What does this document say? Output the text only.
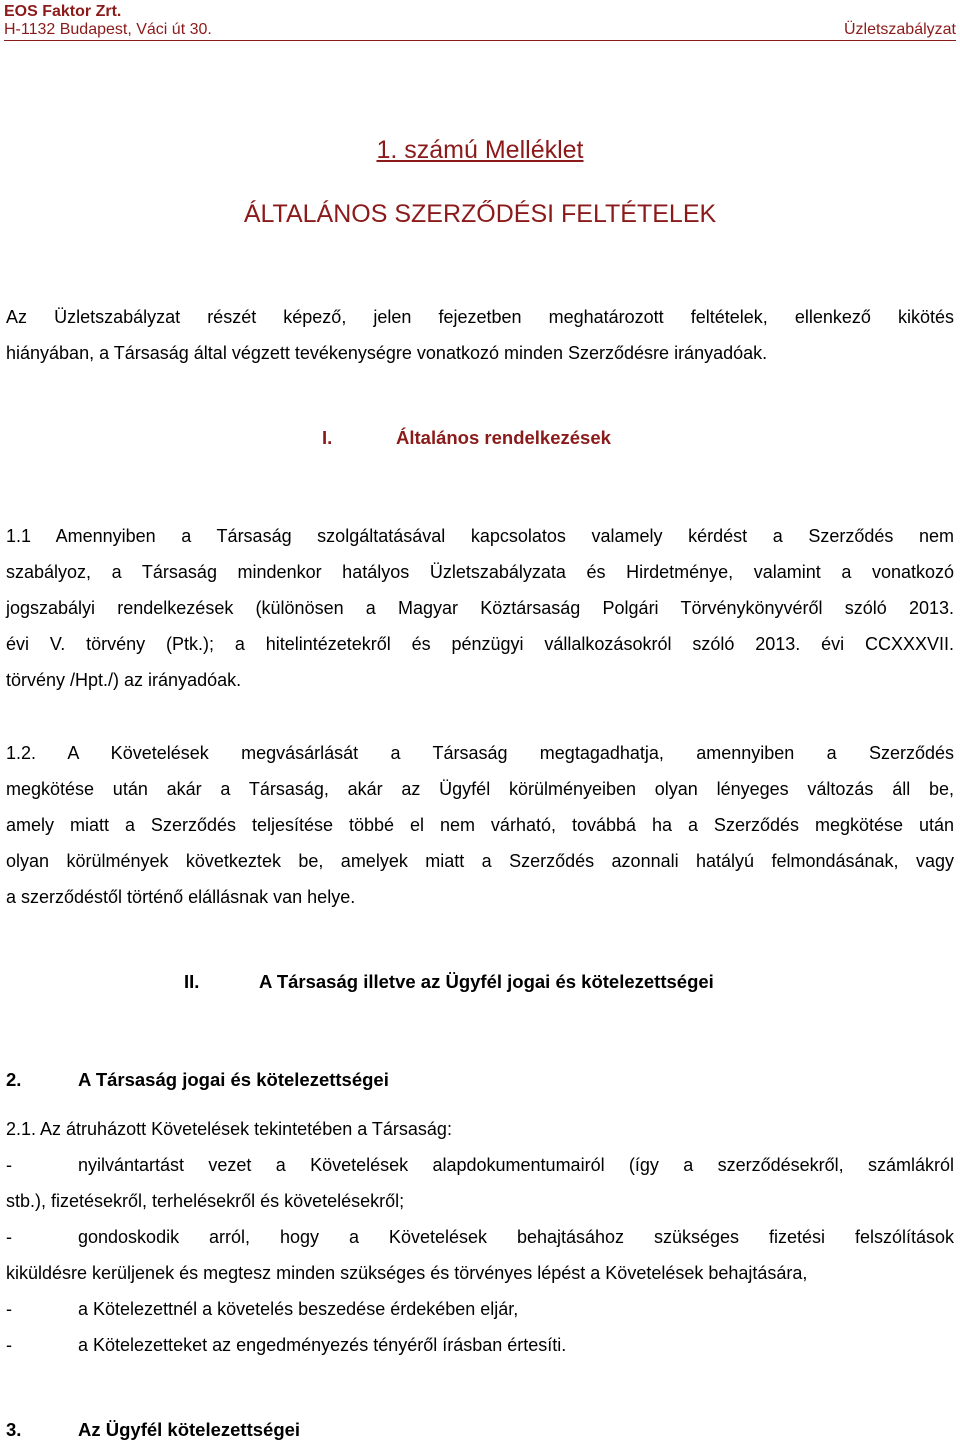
EOS Faktor Zrt.
H-1132 Budapest, Váci út 30.	Üzletszabályzat
1. számú Melléklet
ÁLTALÁNOS SZERZŐDÉSI FELTÉTELEK
Az Üzletszabályzat részét képező, jelen fejezetben meghatározott feltételek, ellenkező kikötés
hiányában, a Társaság által végzett tevékenységre vonatkozó minden Szerződésre irányadóak.
I.	Általános rendelkezések
1.1 Amennyiben a Társaság szolgáltatásával kapcsolatos valamely kérdést a Szerződés nem
szabályoz, a Társaság mindenkor hatályos Üzletszabályzata és Hirdetménye, valamint a vonatkozó
jogszabályi rendelkezések (különösen a Magyar Köztársaság Polgári Törvénykönyvéről szóló 2013.
évi V. törvény (Ptk.); a hitelintézetekről és pénzügyi vállalkozásokról szóló 2013. évi CCXXXVII.
törvény /Hpt./) az irányadóak.
1.2. A Követelések megvásárlását a Társaság megtagadhatja, amennyiben a Szerződés
megkötése után akár a Társaság, akár az Ügyfél körülményeiben olyan lényeges változás áll be,
amely miatt a Szerződés teljesítése többé el nem várható, továbbá ha a Szerződés megkötése után
olyan körülmények következtek be, amelyek miatt a Szerződés azonnali hatályú felmondásának, vagy
a szerződéstől történő elállásnak van helye.
II.	A Társaság illetve az Ügyfél jogai és kötelezettségei
2.	A Társaság jogai és kötelezettségei
2.1. Az átruházott Követelések tekintetében a Társaság:
-	nyilvántartást vezet a Követelések alapdokumentumairól (így a szerződésekről, számlákról
stb.), fizetésekről, terhelésekről és követelésekről;
-	gondoskodik arról, hogy a Követelések behajtásához szükséges fizetési felszólítások
kiküldésre kerüljenek és megtesz minden szükséges és törvényes lépést a Követelések behajtására,
-	a Kötelezettnél a követelés beszedése érdekében eljár,
-	a Kötelezetteket az engedményezés tényéről írásban értesíti.
3.	Az Ügyfél kötelezettségei
